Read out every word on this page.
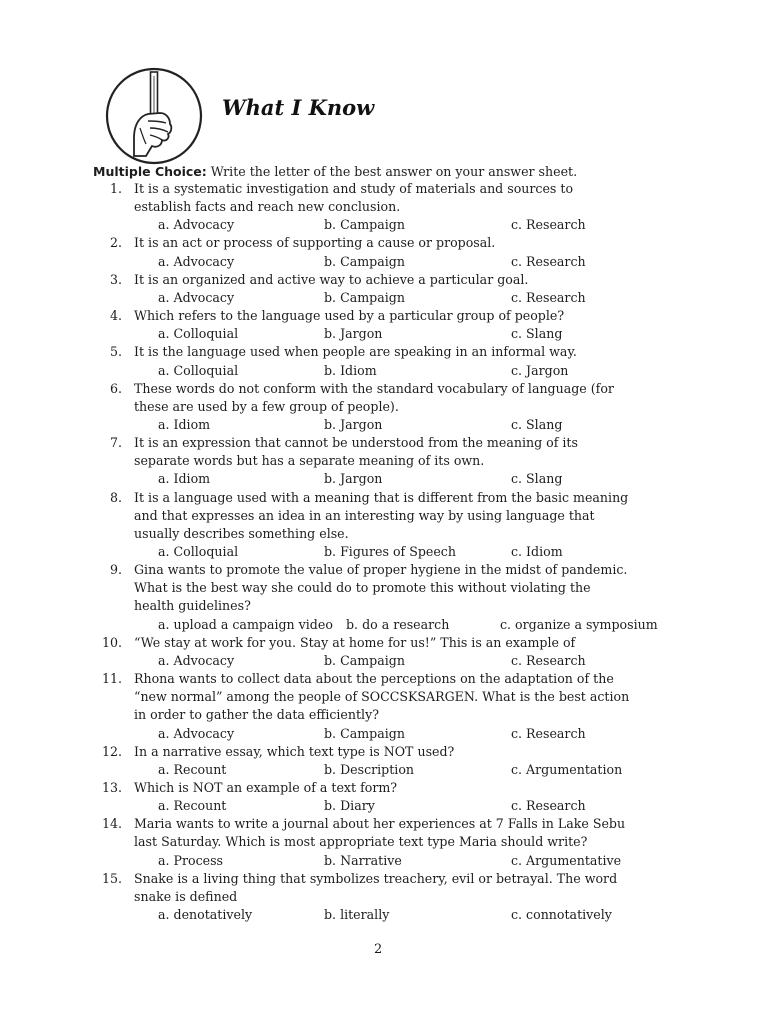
What I Know
Multiple Choice: Write the letter of the best answer on your answer sheet.
1. It is a systematic investigation and study of materials and sources to
establish facts and reach new conclusion.
a. Advocacy	b. Campaign	c. Research
2. It is an act or process of supporting a cause or proposal.
a. Advocacy	b. Campaign	c. Research
3. It is an organized and active way to achieve a particular goal.
a. Advocacy	b. Campaign	c. Research
4. Which refers to the language used by a particular group of people?
a. Colloquial	b. Jargon	c. Slang
5. It is the language used when people are speaking in an informal way.
a. Colloquial	b. Idiom	c. Jargon
6. These words do not conform with the standard vocabulary of language (for
these are used by a few group of people).
a. Idiom	b. Jargon	c. Slang
7. It is an expression that cannot be understood from the meaning of its
separate words but has a separate meaning of its own.
a. Idiom	b. Jargon	c. Slang
8. It is a language used with a meaning that is different from the basic meaning
and that expresses an idea in an interesting way by using language that
usually describes something else.
a. Colloquial	b. Figures of Speech	c. Idiom
9. Gina wants to promote the value of proper hygiene in the midst of pandemic.
What is the best way she could do to promote this without violating the
health guidelines?
a. upload a campaign video b. do a research	c. organize a symposium
10. “We stay at work for you. Stay at home for us!” This is an example of
a. Advocacy	b. Campaign	c. Research
11. Rhona wants to collect data about the perceptions on the adaptation of the
“new normal” among the people of SOCCSKSARGEN. What is the best action
in order to gather the data efficiently?
a. Advocacy	b. Campaign	c. Research
12. In a narrative essay, which text type is NOT used?
a. Recount	b. Description	c. Argumentation
13. Which is NOT an example of a text form?
a. Recount	b. Diary	c. Research
14. Maria wants to write a journal about her experiences at 7 Falls in Lake Sebu
last Saturday. Which is most appropriate text type Maria should write?
a. Process	b. Narrative	c. Argumentative
15. Snake is a living thing that symbolizes treachery, evil or betrayal. The word
snake is defined
a. denotatively	b. literally	c. connotatively
2
